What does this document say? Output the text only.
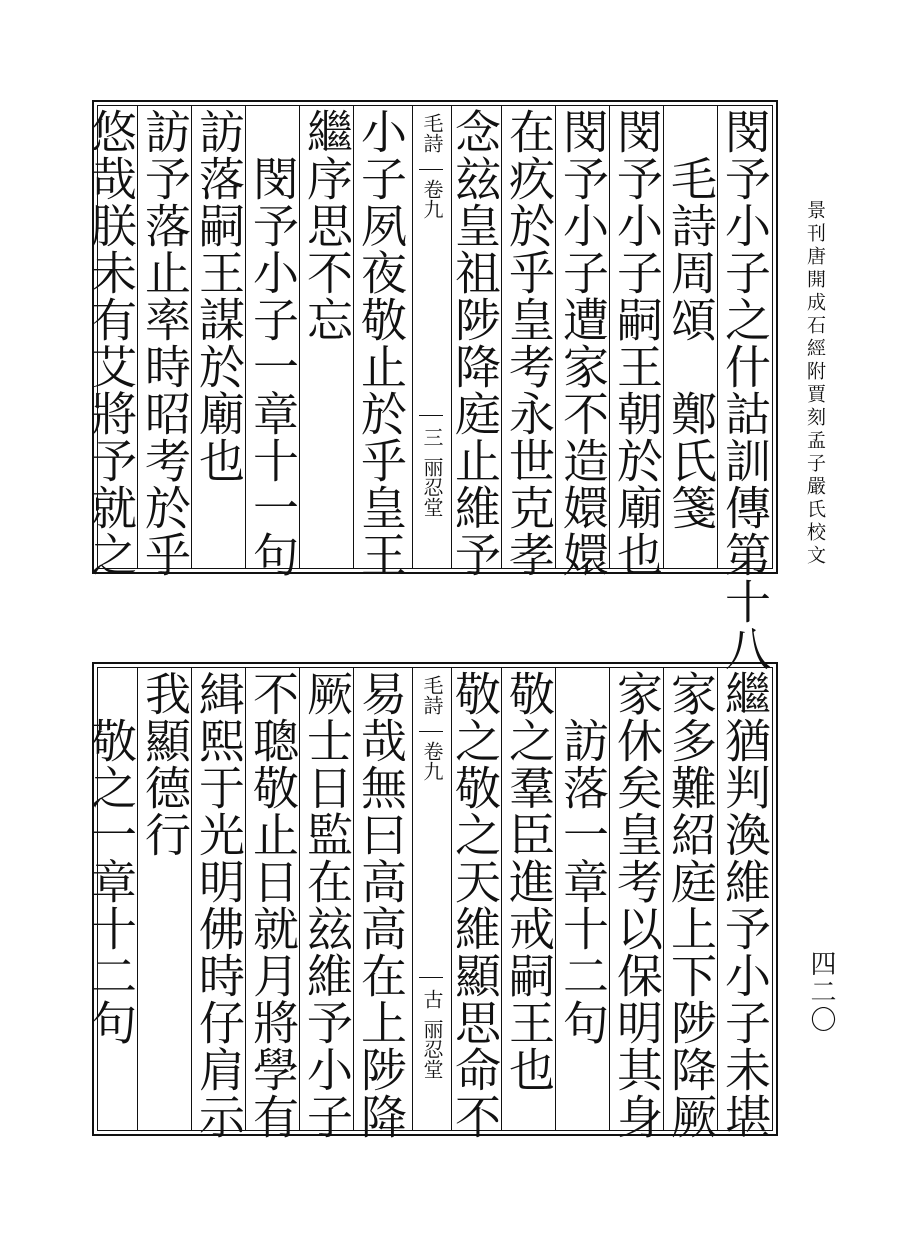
景刊唐開成石經附賈刻孟子嚴氏校文
四二〇
閔予小子之什詁訓傳第十八
　毛詩周頌　鄭氏箋
閔予小子嗣王朝於廟也
閔予小子遭家不造嬛嬛
在疚於乎皇考永世克孝
念玆皇祖陟降庭止維予
毛詩
卷九
三
丽忍堂
小子夙夜敬止於乎皇王
繼序思不忘
　閔予小子一章十一句
訪落嗣王謀於廟也
訪予落止率時昭考於乎
悠哉朕未有艾將予就之
繼猶判渙維予小子未堪
家多難紹庭上下陟降厥
家休矣皇考以保明其身
　訪落一章十二句
敬之羣臣進戒嗣王也
敬之敬之天維顯思命不
毛詩
卷九
古
丽忍堂
易哉無曰高高在上陟降
厥士日監在玆維予小子
不聰敬止日就月將學有
緝熙于光明佛時仔肩示
我顯德行
　敬之一章十二句
